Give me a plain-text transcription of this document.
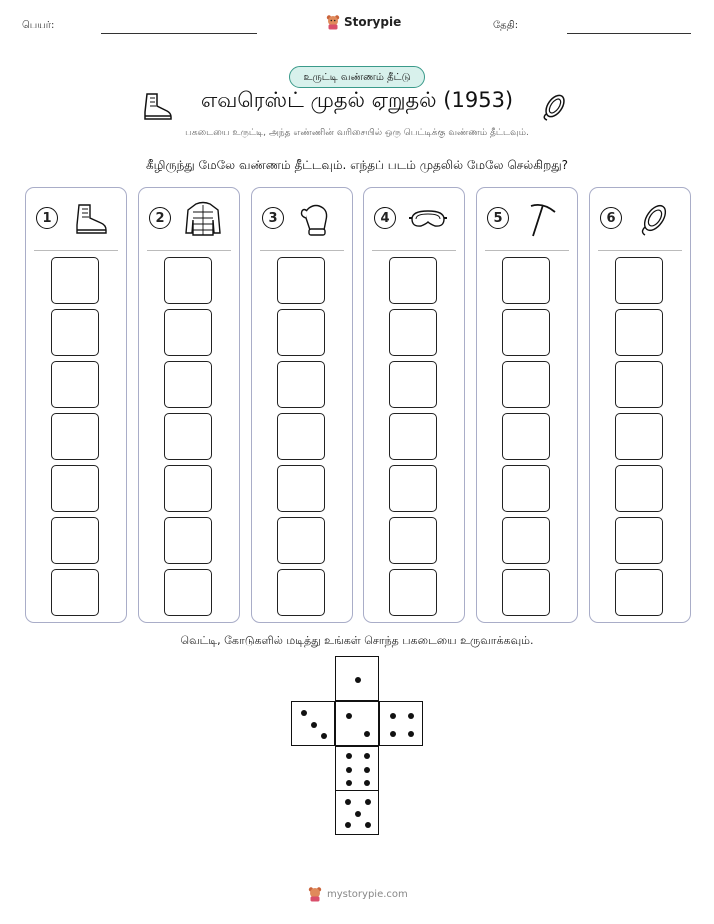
பெயர்:	Storypie	தேதி:
உருட்டி வண்ணம் தீட்டு
எவரெஸ்ட் முதல் ஏறுதல் (1953)
பகடையை உருட்டி, அந்த எண்ணின் வரிசையில் ஒரு பெட்டிக்கு வண்ணம் தீட்டவும்.
கீழிருந்து மேலே வண்ணம் தீட்டவும். எந்தப் படம் முதலில் மேலே செல்கிறது?
1	2	3	4	5	6
வெட்டி, கோடுகளில் மடித்து உங்கள் சொந்த பகடையை உருவாக்கவும்.
mystorypie.com
